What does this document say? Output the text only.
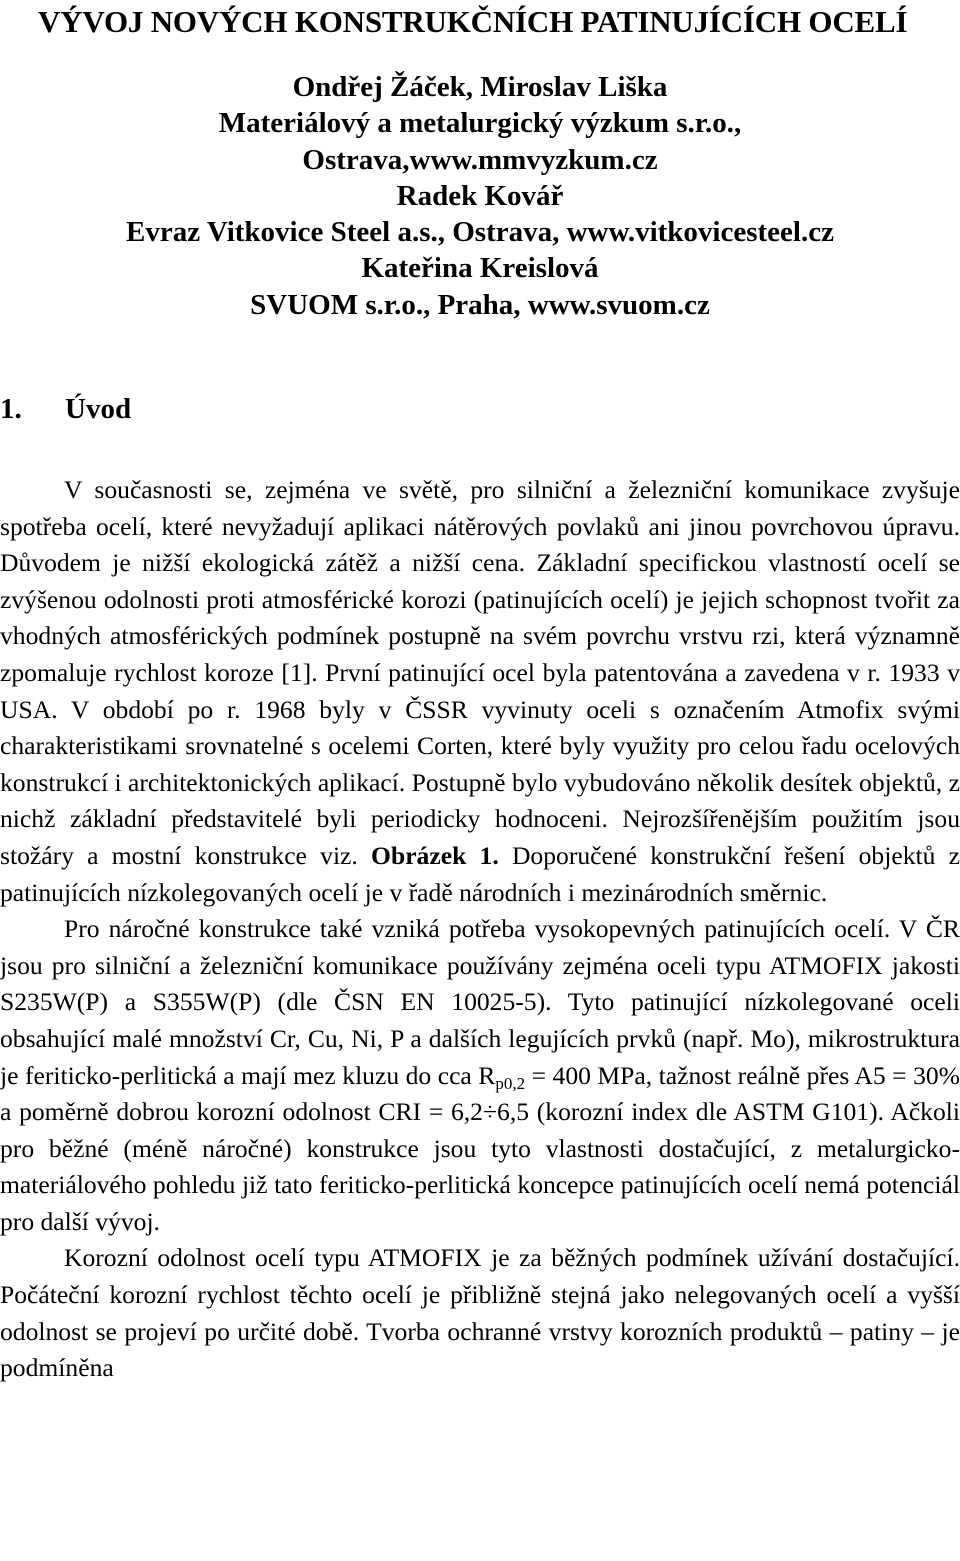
VÝVOJ NOVÝCH KONSTRUKČNÍCH PATINUJÍCÍCH OCELÍ
Ondřej Žáček, Miroslav Liška
Materiálový a metalurgický výzkum s.r.o.,
Ostrava,www.mmvyzkum.cz
Radek Kovář
Evraz Vitkovice Steel a.s., Ostrava, www.vitkovicesteel.cz
Kateřina Kreislová
SVUOM s.r.o., Praha, www.svuom.cz
1. Úvod

V současnosti se, zejména ve světě, pro silniční a železniční komunikace zvyšuje spotřeba ocelí, které nevyžadují aplikaci nátěrových povlaků ani jinou povrchovou úpravu. Důvodem je nižší ekologická zátěž a nižší cena. Základní specifickou vlastností ocelí se zvýšenou odolnosti proti atmosférické korozi (patinujících ocelí) je jejich schopnost tvořit za vhodných atmosférických podmínek postupně na svém povrchu vrstvu rzi, která významně zpomaluje rychlost koroze [1]. První patinující ocel byla patentována a zavedena v r. 1933 v USA. V období po r. 1968 byly v ČSSR vyvinuty oceli s označením Atmofix svými charakteristikami srovnatelné s ocelemi Corten, které byly využity pro celou řadu ocelových konstrukcí i architektonických aplikací. Postupně bylo vybudováno několik desítek objektů, z nichž základní představitelé byli periodicky hodnoceni. Nejrozšířenějším použitím jsou stožáry a mostní konstrukce viz. Obrázek 1. Doporučené konstrukční řešení objektů z patinujících nízkolegovaných ocelí je v řadě národních i mezinárodních směrnic.

Pro náročné konstrukce také vzniká potřeba vysokopevných patinujících ocelí. V ČR jsou pro silniční a železniční komunikace používány zejména oceli typu ATMOFIX jakosti S235W(P) a S355W(P) (dle ČSN EN 10025-5). Tyto patinující nízkolegované oceli obsahující malé množství Cr, Cu, Ni, P a dalších legujících prvků (např. Mo), mikrostruktura je feriticko-perlitická a mají mez kluzu do cca $R_{p0,2} = 400$ MPa, tažnost reálně přes A5 = 30% a poměrně dobrou korozní odolnost CRI = 6,2÷6,5 (korozní index dle ASTM G101). Ačkoli pro běžné (méně náročné) konstrukce jsou tyto vlastnosti dostačující, z metalurgicko-materiálového pohledu již tato feriticko-perlitická koncepce patinujících ocelí nemá potenciál pro další vývoj.

Korozní odolnost ocelí typu ATMOFIX je za běžných podmínek užívání dostačující. Počáteční korozní rychlost těchto ocelí je přibližně stejná jako nelegovaných ocelí a vyšší odolnost se projeví po určité době. Tvorba ochranné vrstvy korozních produktů – patiny – je podmíněna
